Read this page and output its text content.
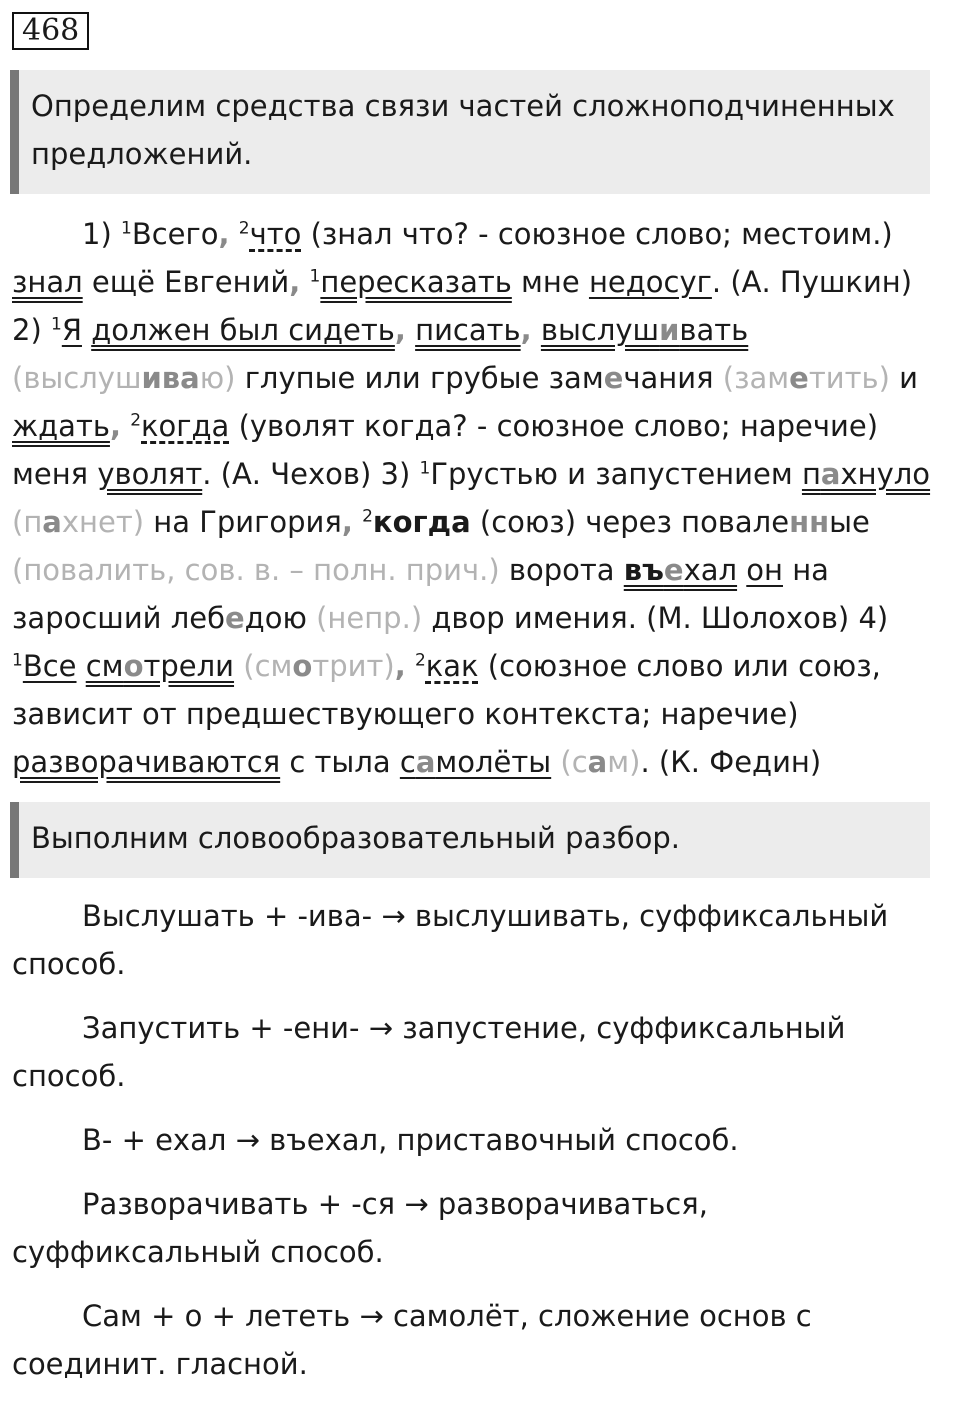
468
Определим средства связи частей сложноподчиненных предложений.

1) $^1$Всего, $^2$что (знал что? - союзное слово; местоим.) знал ещё Евгений, $^1$пересказать мне недосуг. (А. Пушкин) 2) $^1$Я должен был сидеть, писать, выслушивать (выслушиваю) глупые или грубые замечания (заметить) и ждать, $^2$когда (уволят когда? - союзное слово; наречие) меня уволят. (А. Чехов) 3) $^1$Грустью и запустением пахнуло (пахнет) на Григория, $^2$когда (союз) через поваленные (повалить, сов. в. – полн. прич.) ворота въехал он на заросший лебедою (непр.) двор имения. (М. Шолохов) 4) $^1$Все смотрели (смотрит), $^2$как (союзное слово или союз, зависит от предшествующего контекста; наречие) разворачиваются с тыла самолёты (сам). (К. Федин)

Выполним словообразовательный разбор.

Выслушать + -ива- → выслушивать, суффиксальный способ.

Запустить + -ени- → запустение, суффиксальный способ.

В- + ехал → въехал, приставочный способ.

Разворачивать + -ся → разворачиваться, суффиксальный способ.

Сам + о + лететь → самолёт, сложение основ с соединит. гласной.
